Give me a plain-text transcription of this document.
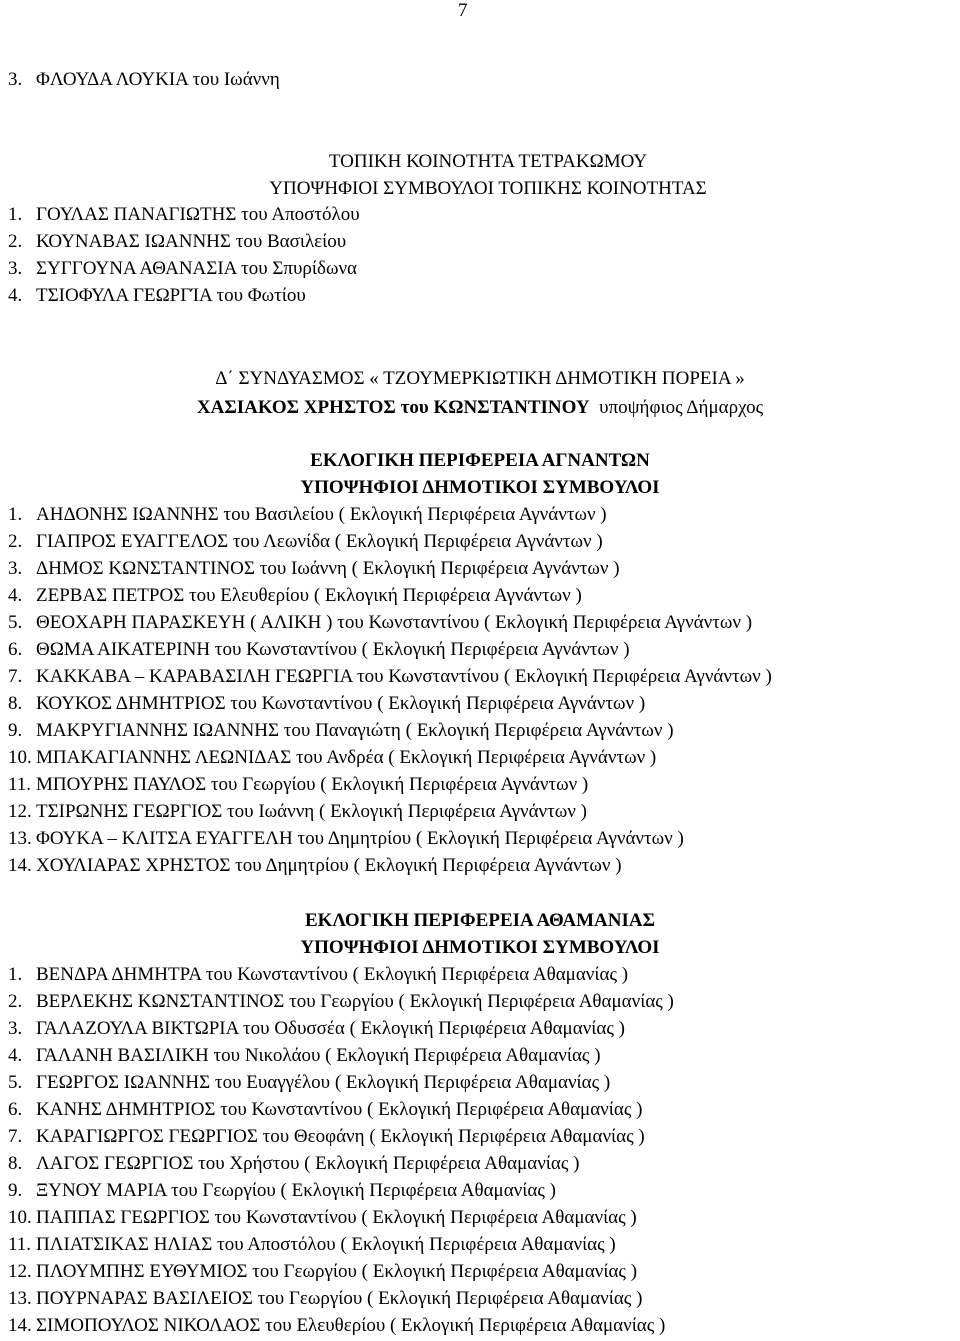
7
3. ΦΛΟΥΔΑ ΛΟΥΚΙΑ του Ιωάννη
ΤΟΠΙΚΗ ΚΟΙΝΟΤΗΤΑ ΤΕΤΡΑΚΩΜΟΥ
ΥΠΟΨΗΦΙΟΙ ΣΥΜΒΟΥΛΟΙ ΤΟΠΙΚΗΣ ΚΟΙΝΟΤΗΤΑΣ
1. ΓΟΥΛΑΣ ΠΑΝΑΓΙΩΤΗΣ του Αποστόλου
2. ΚΟΥΝΑΒΑΣ ΙΩΑΝΝΗΣ του Βασιλείου
3. ΣΥΓΓΟΥΝΑ ΑΘΑΝΑΣΙΑ του Σπυρίδωνα
4. ΤΣΙΟΦΥΛΑ ΓΕΩΡΓΊΑ του Φωτίου
Δ΄ ΣΥΝΔΥΑΣΜΟΣ « ΤΖΟΥΜΕΡΚΙΩΤΙΚΗ ΔΗΜΟΤΙΚΗ ΠΟΡΕΙΑ »
ΧΑΣΙΑΚΟΣ ΧΡΗΣΤΟΣ του ΚΩΝΣΤΑΝΤΙΝΟΥ υποψήφιος Δήμαρχος
ΕΚΛΟΓΙΚΗ ΠΕΡΙΦΕΡΕΙΑ ΑΓΝΑΝΤΩΝ
ΥΠΟΨΗΦΙΟΙ ΔΗΜΟΤΙΚΟΙ ΣΥΜΒΟΥΛΟΙ
1. ΑΗΔΟΝΗΣ ΙΩΑΝΝΗΣ του Βασιλείου ( Εκλογική Περιφέρεια Αγνάντων )
2. ΓΙΑΠΡΟΣ ΕΥΑΓΓΕΛΟΣ του Λεωνίδα ( Εκλογική Περιφέρεια Αγνάντων )
3. ΔΗΜΟΣ ΚΩΝΣΤΑΝΤΙΝΟΣ του Ιωάννη ( Εκλογική Περιφέρεια Αγνάντων )
4. ΖΕΡΒΑΣ ΠΕΤΡΟΣ του Ελευθερίου ( Εκλογική Περιφέρεια Αγνάντων )
5. ΘΕΟΧΑΡΗ ΠΑΡΑΣΚΕΥΗ ( ΑΛΙΚΗ ) του Κωνσταντίνου ( Εκλογική Περιφέρεια Αγνάντων )
6. ΘΩΜΑ ΑΙΚΑΤΕΡΙΝΗ του Κωνσταντίνου ( Εκλογική Περιφέρεια Αγνάντων )
7. ΚΑΚΚΑΒΑ – ΚΑΡΑΒΑΣΙΛΗ ΓΕΩΡΓΙΑ του Κωνσταντίνου ( Εκλογική Περιφέρεια Αγνάντων )
8. ΚΟΥΚΟΣ ΔΗΜΗΤΡΙΟΣ του Κωνσταντίνου ( Εκλογική Περιφέρεια Αγνάντων )
9. ΜΑΚΡΥΓΙΑΝΝΗΣ ΙΩΑΝΝΗΣ του Παναγιώτη ( Εκλογική Περιφέρεια Αγνάντων )
10. ΜΠΑΚΑΓΙΑΝΝΗΣ ΛΕΩΝΙΔΑΣ του Ανδρέα ( Εκλογική Περιφέρεια Αγνάντων )
11. ΜΠΟΥΡΗΣ ΠΑΥΛΟΣ του Γεωργίου ( Εκλογική Περιφέρεια Αγνάντων )
12. ΤΣΙΡΩΝΗΣ ΓΕΩΡΓΙΟΣ του Ιωάννη ( Εκλογική Περιφέρεια Αγνάντων )
13. ΦΟΥΚΑ – ΚΛΙΤΣΑ ΕΥΑΓΓΕΛΗ του Δημητρίου ( Εκλογική Περιφέρεια Αγνάντων )
14. ΧΟΥΛΙΑΡΑΣ ΧΡΗΣΤΟΣ του Δημητρίου ( Εκλογική Περιφέρεια Αγνάντων )
ΕΚΛΟΓΙΚΗ ΠΕΡΙΦΕΡΕΙΑ ΑΘΑΜΑΝΙΑΣ
ΥΠΟΨΗΦΙΟΙ ΔΗΜΟΤΙΚΟΙ ΣΥΜΒΟΥΛΟΙ
1. ΒΕΝΔΡΑ ΔΗΜΗΤΡΑ του Κωνσταντίνου ( Εκλογική Περιφέρεια Αθαμανίας )
2. ΒΕΡΛΕΚΗΣ ΚΩΝΣΤΑΝΤΙΝΟΣ του Γεωργίου ( Εκλογική Περιφέρεια Αθαμανίας )
3. ΓΑΛΑΖΟΥΛΑ ΒΙΚΤΩΡΙΑ του Οδυσσέα ( Εκλογική Περιφέρεια Αθαμανίας )
4. ΓΑΛΑΝΗ ΒΑΣΙΛΙΚΗ του Νικολάου ( Εκλογική Περιφέρεια Αθαμανίας )
5. ΓΕΩΡΓΟΣ ΙΩΑΝΝΗΣ του Ευαγγέλου ( Εκλογική Περιφέρεια Αθαμανίας )
6. ΚΑΝΗΣ ΔΗΜΗΤΡΙΟΣ του Κωνσταντίνου ( Εκλογική Περιφέρεια Αθαμανίας )
7. ΚΑΡΑΓΙΩΡΓΟΣ ΓΕΩΡΓΙΟΣ του Θεοφάνη ( Εκλογική Περιφέρεια Αθαμανίας )
8. ΛΑΓΟΣ ΓΕΩΡΓΙΟΣ του Χρήστου ( Εκλογική Περιφέρεια Αθαμανίας )
9. ΞΥΝΟΥ ΜΑΡΙΑ του Γεωργίου ( Εκλογική Περιφέρεια Αθαμανίας )
10. ΠΑΠΠΑΣ ΓΕΩΡΓΙΟΣ του Κωνσταντίνου ( Εκλογική Περιφέρεια Αθαμανίας )
11. ΠΛΙΑΤΣΙΚΑΣ ΗΛΙΑΣ του Αποστόλου ( Εκλογική Περιφέρεια Αθαμανίας )
12. ΠΛΟΥΜΠΗΣ ΕΥΘΥΜΙΟΣ του Γεωργίου ( Εκλογική Περιφέρεια Αθαμανίας )
13. ΠΟΥΡΝΑΡΑΣ ΒΑΣΙΛΕΙΟΣ του Γεωργίου ( Εκλογική Περιφέρεια Αθαμανίας )
14. ΣΙΜΟΠΟΥΛΟΣ ΝΙΚΟΛΑΟΣ του Ελευθερίου ( Εκλογική Περιφέρεια Αθαμανίας )
